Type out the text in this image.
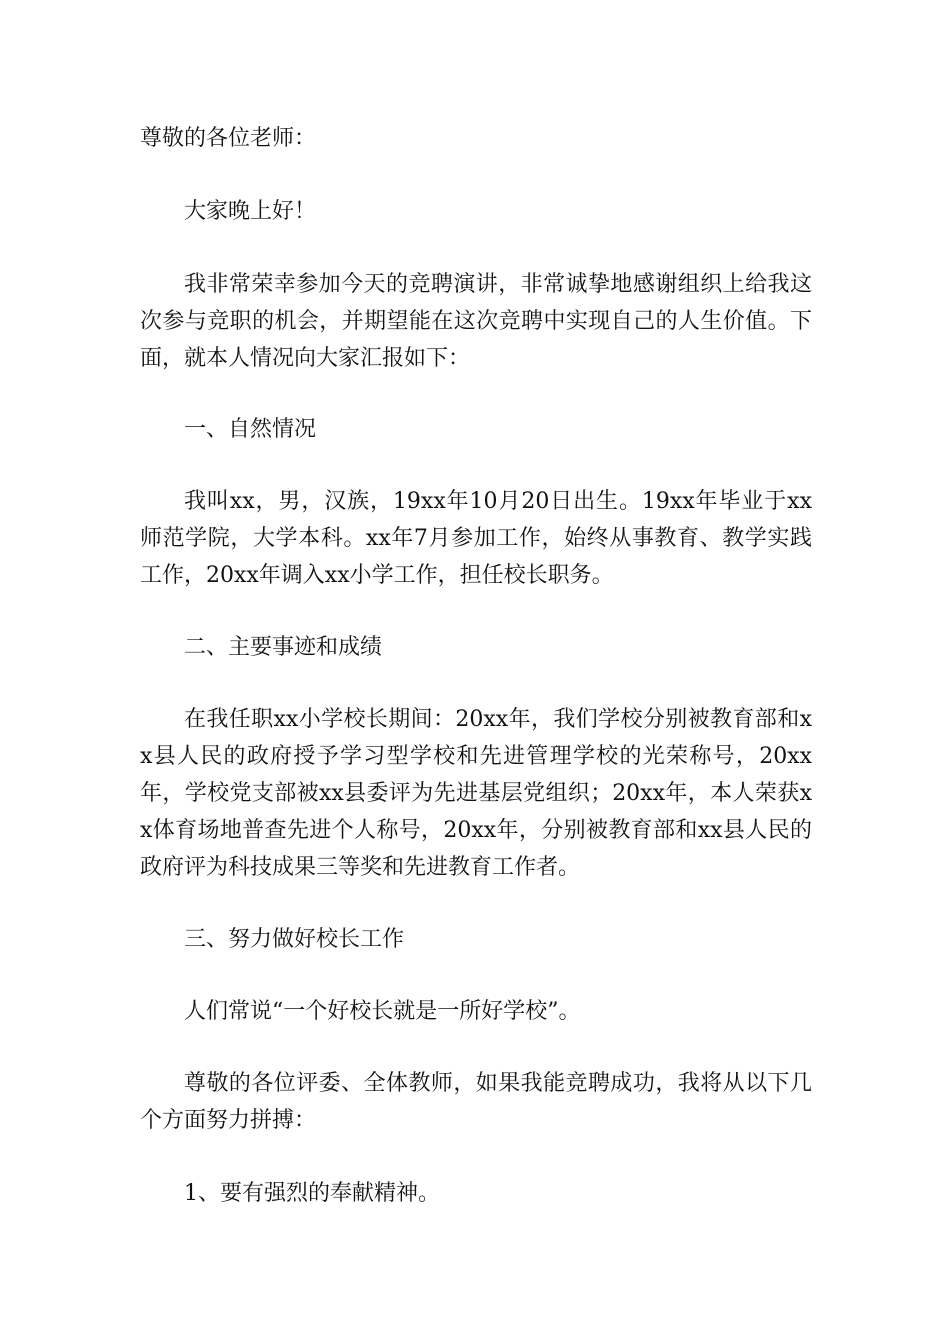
尊敬的各位老师：

大家晚上好！

我非常荣幸参加今天的竞聘演讲，非常诚挚地感谢组织上给我这次参与竞职的机会，并期望能在这次竞聘中实现自己的人生价值。下面，就本人情况向大家汇报如下：

一、自然情况

我叫xx，男，汉族，19xx年10月20日出生。19xx年毕业于xx师范学院，大学本科。xx年7月参加工作，始终从事教育、教学实践工作，20xx年调入xx小学工作，担任校长职务。

二、主要事迹和成绩

在我任职xx小学校长期间：20xx年，我们学校分别被教育部和xx县人民的政府授予学习型学校和先进管理学校的光荣称号，20xx年，学校党支部被xx县委评为先进基层党组织；20xx年，本人荣获xx体育场地普查先进个人称号，20xx年，分别被教育部和xx县人民的政府评为科技成果三等奖和先进教育工作者。

三、努力做好校长工作

人们常说“一个好校长就是一所好学校”。

尊敬的各位评委、全体教师，如果我能竞聘成功，我将从以下几个方面努力拼搏：

1、要有强烈的奉献精神。
